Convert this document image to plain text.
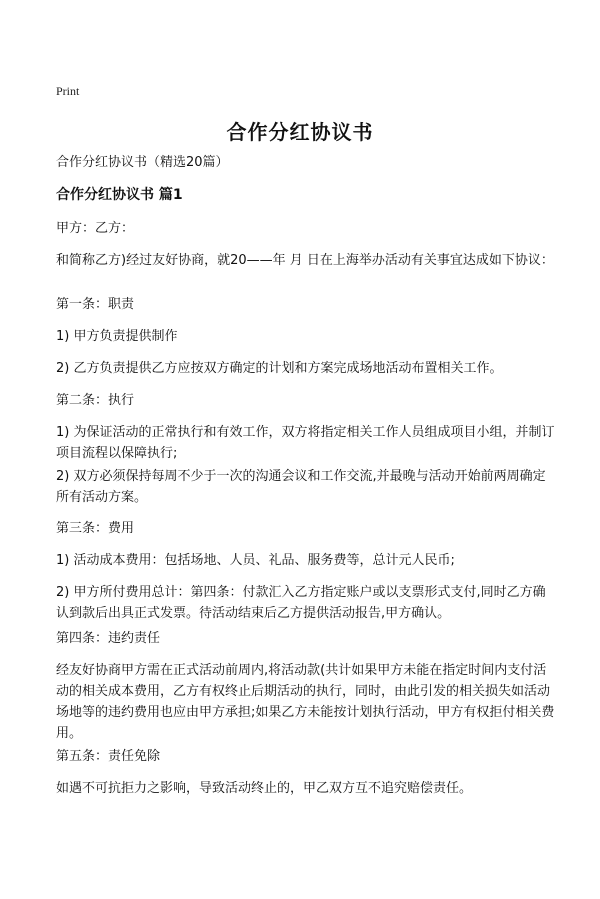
Print
合作分红协议书
合作分红协议书（精选20篇）
合作分红协议书 篇1
甲方：乙方：
和简称乙方)经过友好协商，就20——年 月 日在上海举办活动有关事宜达成如下协议：
第一条：职责
1) 甲方负责提供制作
2) 乙方负责提供乙方应按双方确定的计划和方案完成场地活动布置相关工作。
第二条：执行
1) 为保证活动的正常执行和有效工作，双方将指定相关工作人员组成项目小组，并制订项目流程以保障执行;
2) 双方必须保持每周不少于一次的沟通会议和工作交流,并最晚与活动开始前两周确定所有活动方案。
第三条：费用
1) 活动成本费用：包括场地、人员、礼品、服务费等，总计元人民币;
2) 甲方所付费用总计：第四条：付款汇入乙方指定账户或以支票形式支付,同时乙方确认到款后出具正式发票。待活动结束后乙方提供活动报告,甲方确认。
第四条：违约责任
经友好协商甲方需在正式活动前周内,将活动款(共计如果甲方未能在指定时间内支付活动的相关成本费用，乙方有权终止后期活动的执行，同时，由此引发的相关损失如活动场地等的违约费用也应由甲方承担;如果乙方未能按计划执行活动，甲方有权拒付相关费用。
第五条：责任免除
如遇不可抗拒力之影响，导致活动终止的，甲乙双方互不追究赔偿责任。
